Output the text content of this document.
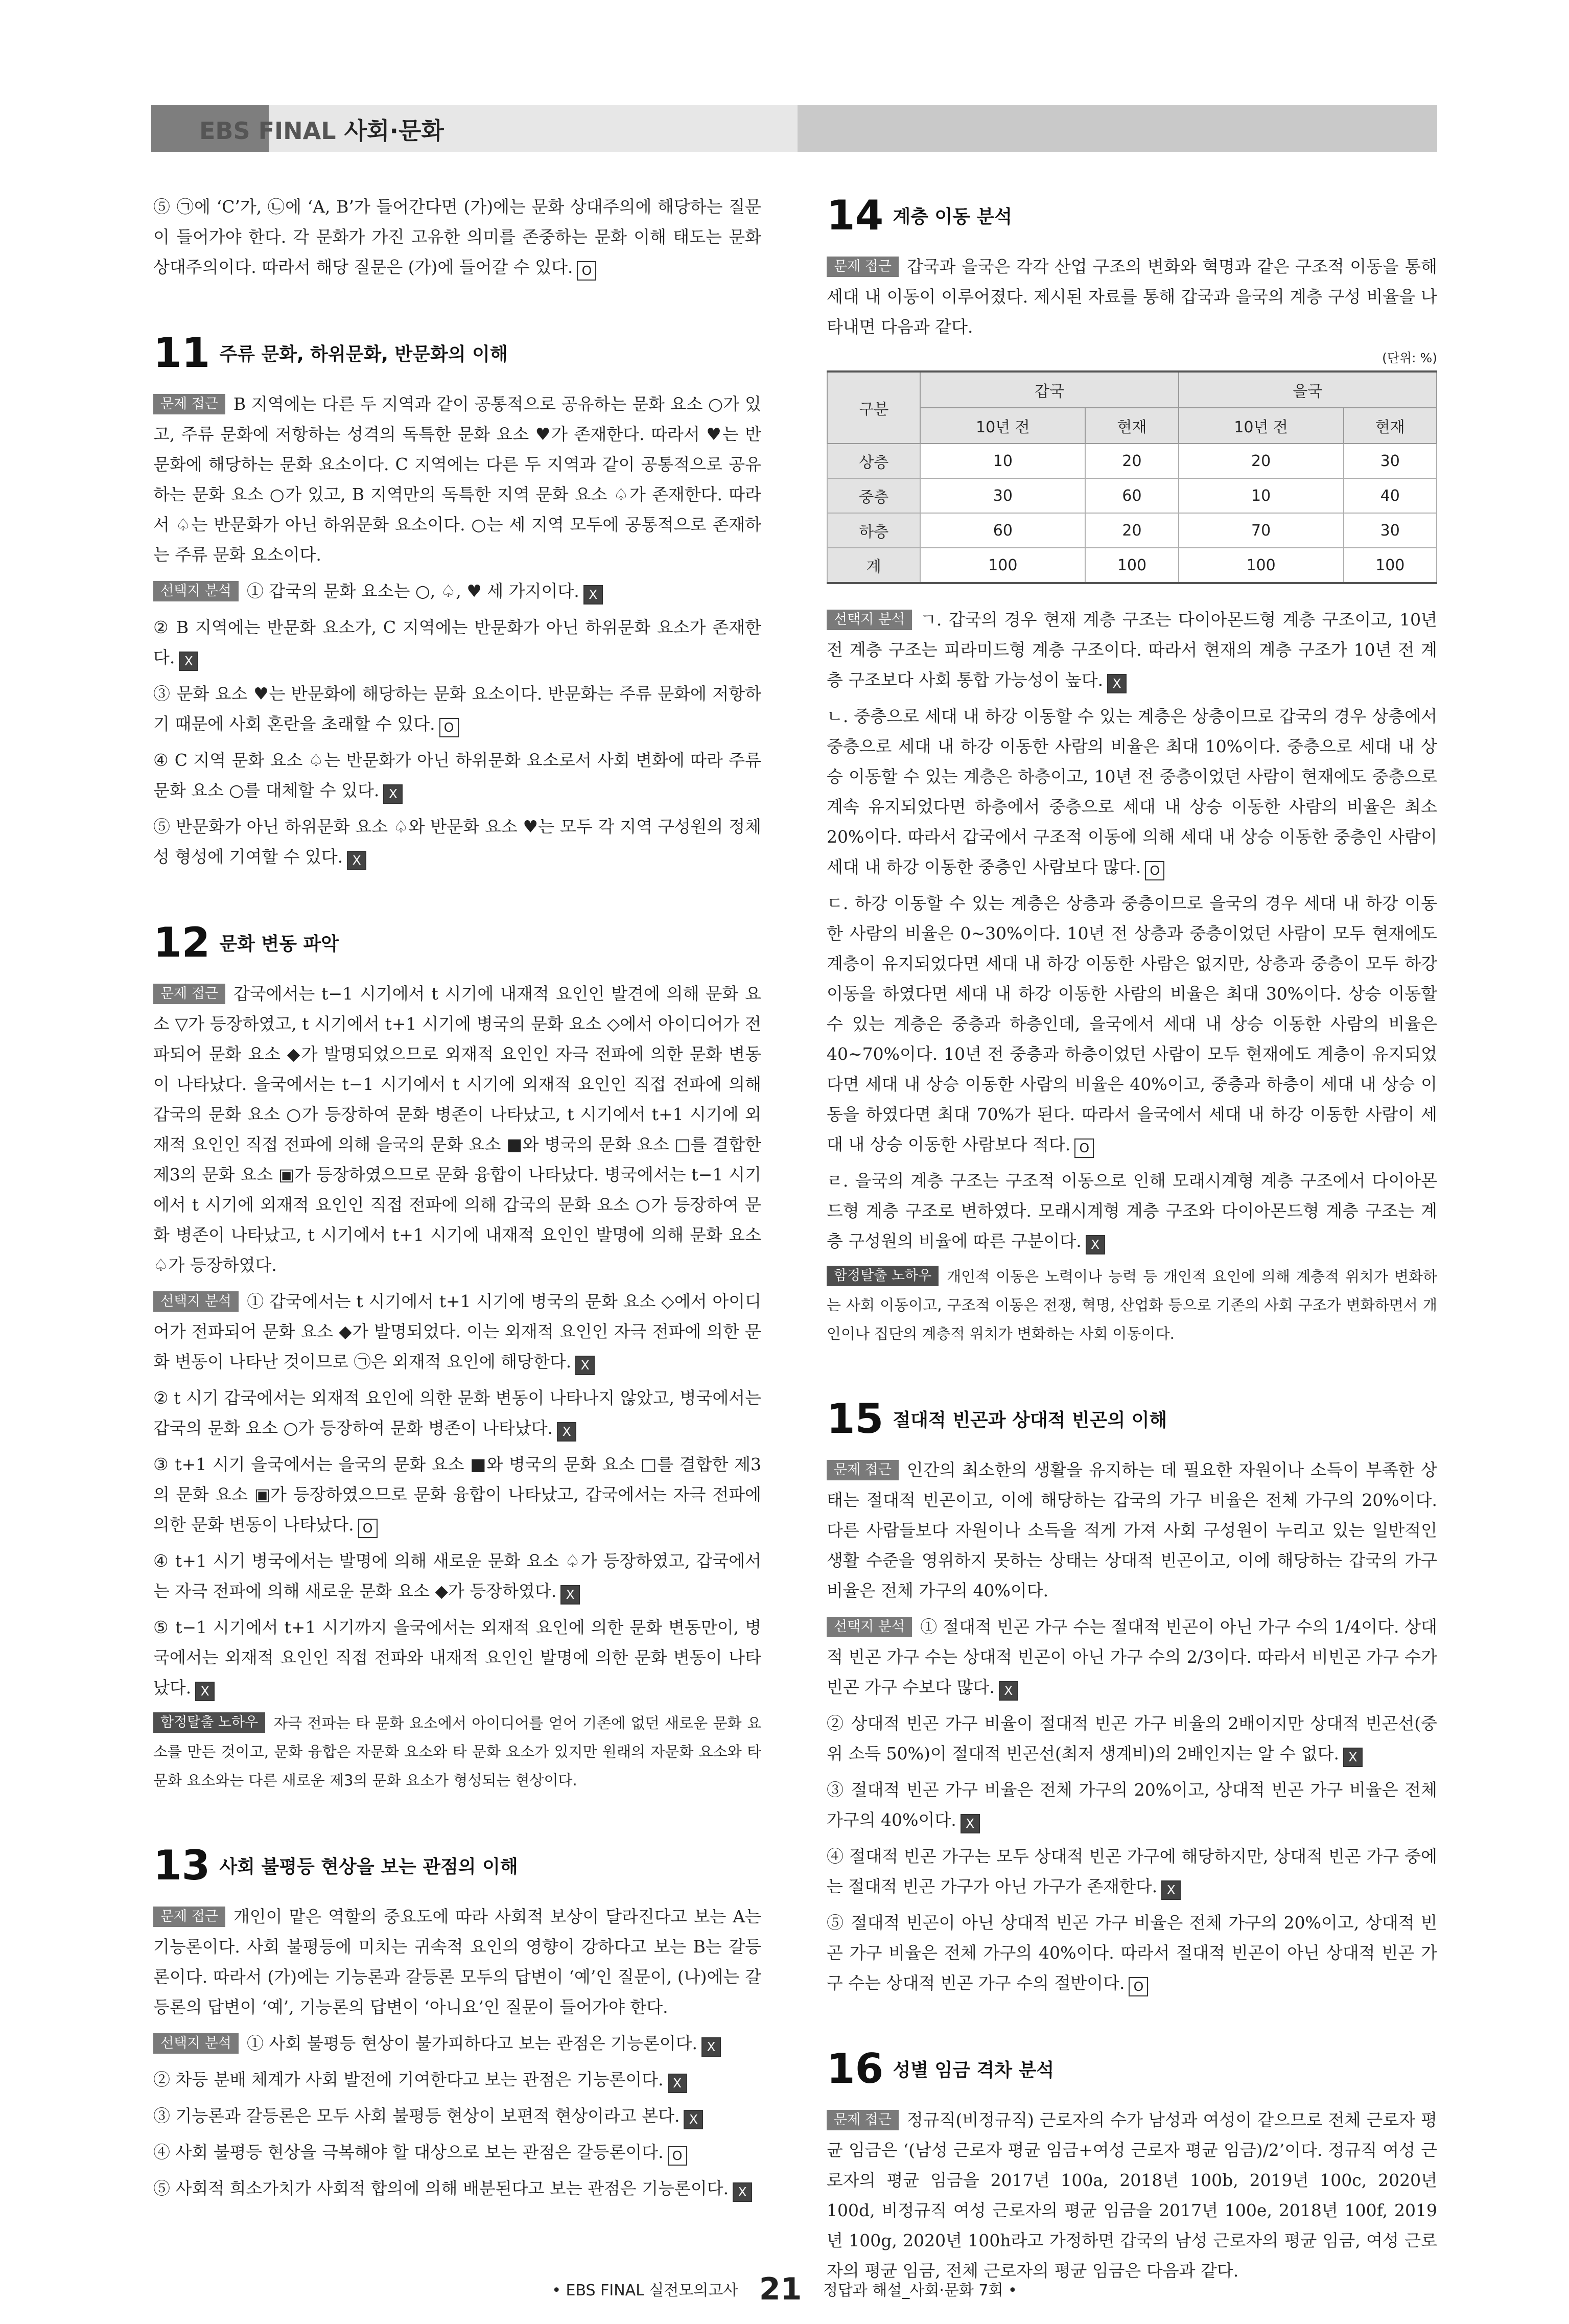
EBS FINAL 사회·문화

⑤ ㉠에 ‘C’가, ㉡에 ‘A, B’가 들어간다면 (가)에는 문화 상대주의에 해당하는 질문이 들어가야 한다. 각 문화가 가진 고유한 의미를 존중하는 문화 이해 태도는 문화 상대주의이다. 따라서 해당 질문은 (가)에 들어갈 수 있다. O

11 주류 문화, 하위문화, 반문화의 이해

문제 접근 B 지역에는 다른 두 지역과 같이 공통적으로 공유하는 문화 요소 ○가 있고, 주류 문화에 저항하는 성격의 독특한 문화 요소 ♥가 존재한다. 따라서 ♥는 반문화에 해당하는 문화 요소이다. C 지역에는 다른 두 지역과 같이 공통적으로 공유하는 문화 요소 ○가 있고, B 지역만의 독특한 지역 문화 요소 ♤가 존재한다. 따라서 ♤는 반문화가 아닌 하위문화 요소이다. ○는 세 지역 모두에 공통적으로 존재하는 주류 문화 요소이다.

선택지 분석 ① 갑국의 문화 요소는 ○, ♤, ♥ 세 가지이다. X

② B 지역에는 반문화 요소가, C 지역에는 반문화가 아닌 하위문화 요소가 존재한다. X

③ 문화 요소 ♥는 반문화에 해당하는 문화 요소이다. 반문화는 주류 문화에 저항하기 때문에 사회 혼란을 초래할 수 있다. O

④ C 지역 문화 요소 ♤는 반문화가 아닌 하위문화 요소로서 사회 변화에 따라 주류 문화 요소 ○를 대체할 수 있다. X

⑤ 반문화가 아닌 하위문화 요소 ♤와 반문화 요소 ♥는 모두 각 지역 구성원의 정체성 형성에 기여할 수 있다. X

12 문화 변동 파악

문제 접근 갑국에서는 t−1 시기에서 t 시기에 내재적 요인인 발견에 의해 문화 요소 ▽가 등장하였고, t 시기에서 t+1 시기에 병국의 문화 요소 ◇에서 아이디어가 전파되어 문화 요소 ◆가 발명되었으므로 외재적 요인인 자극 전파에 의한 문화 변동이 나타났다. 을국에서는 t−1 시기에서 t 시기에 외재적 요인인 직접 전파에 의해 갑국의 문화 요소 ○가 등장하여 문화 병존이 나타났고, t 시기에서 t+1 시기에 외재적 요인인 직접 전파에 의해 을국의 문화 요소 ■와 병국의 문화 요소 □를 결합한 제3의 문화 요소 ▣가 등장하였으므로 문화 융합이 나타났다. 병국에서는 t−1 시기에서 t 시기에 외재적 요인인 직접 전파에 의해 갑국의 문화 요소 ○가 등장하여 문화 병존이 나타났고, t 시기에서 t+1 시기에 내재적 요인인 발명에 의해 문화 요소 ♤가 등장하였다.

선택지 분석 ① 갑국에서는 t 시기에서 t+1 시기에 병국의 문화 요소 ◇에서 아이디어가 전파되어 문화 요소 ◆가 발명되었다. 이는 외재적 요인인 자극 전파에 의한 문화 변동이 나타난 것이므로 ㉠은 외재적 요인에 해당한다. X

② t 시기 갑국에서는 외재적 요인에 의한 문화 변동이 나타나지 않았고, 병국에서는 갑국의 문화 요소 ○가 등장하여 문화 병존이 나타났다. X

③ t+1 시기 을국에서는 을국의 문화 요소 ■와 병국의 문화 요소 □를 결합한 제3의 문화 요소 ▣가 등장하였으므로 문화 융합이 나타났고, 갑국에서는 자극 전파에 의한 문화 변동이 나타났다. O

④ t+1 시기 병국에서는 발명에 의해 새로운 문화 요소 ♤가 등장하였고, 갑국에서는 자극 전파에 의해 새로운 문화 요소 ◆가 등장하였다. X

⑤ t−1 시기에서 t+1 시기까지 을국에서는 외재적 요인에 의한 문화 변동만이, 병국에서는 외재적 요인인 직접 전파와 내재적 요인인 발명에 의한 문화 변동이 나타났다. X

함정탈출 노하우 자극 전파는 타 문화 요소에서 아이디어를 얻어 기존에 없던 새로운 문화 요소를 만든 것이고, 문화 융합은 자문화 요소와 타 문화 요소가 있지만 원래의 자문화 요소와 타 문화 요소와는 다른 새로운 제3의 문화 요소가 형성되는 현상이다.

13 사회 불평등 현상을 보는 관점의 이해

문제 접근 개인이 맡은 역할의 중요도에 따라 사회적 보상이 달라진다고 보는 A는 기능론이다. 사회 불평등에 미치는 귀속적 요인의 영향이 강하다고 보는 B는 갈등론이다. 따라서 (가)에는 기능론과 갈등론 모두의 답변이 ‘예’인 질문이, (나)에는 갈등론의 답변이 ‘예’, 기능론의 답변이 ‘아니요’인 질문이 들어가야 한다.

선택지 분석 ① 사회 불평등 현상이 불가피하다고 보는 관점은 기능론이다. X

② 차등 분배 체계가 사회 발전에 기여한다고 보는 관점은 기능론이다. X

③ 기능론과 갈등론은 모두 사회 불평등 현상이 보편적 현상이라고 본다. X

④ 사회 불평등 현상을 극복해야 할 대상으로 보는 관점은 갈등론이다. O

⑤ 사회적 희소가치가 사회적 합의에 의해 배분된다고 보는 관점은 기능론이다. X

14 계층 이동 분석

문제 접근 갑국과 을국은 각각 산업 구조의 변화와 혁명과 같은 구조적 이동을 통해 세대 내 이동이 이루어졌다. 제시된 자료를 통해 갑국과 을국의 계층 구성 비율을 나타내면 다음과 같다.

(단위: %)
구분	갑국		을국	
	10년 전	현재	10년 전	현재
상층	10	20	20	30
중층	30	60	10	40
하층	60	20	70	30
계	100	100	100	100

선택지 분석 ㄱ. 갑국의 경우 현재 계층 구조는 다이아몬드형 계층 구조이고, 10년 전 계층 구조는 피라미드형 계층 구조이다. 따라서 현재의 계층 구조가 10년 전 계층 구조보다 사회 통합 가능성이 높다. X

ㄴ. 중층으로 세대 내 하강 이동할 수 있는 계층은 상층이므로 갑국의 경우 상층에서 중층으로 세대 내 하강 이동한 사람의 비율은 최대 10%이다. 중층으로 세대 내 상승 이동할 수 있는 계층은 하층이고, 10년 전 중층이었던 사람이 현재에도 중층으로 계속 유지되었다면 하층에서 중층으로 세대 내 상승 이동한 사람의 비율은 최소 20%이다. 따라서 갑국에서 구조적 이동에 의해 세대 내 상승 이동한 중층인 사람이 세대 내 하강 이동한 중층인 사람보다 많다. O

ㄷ. 하강 이동할 수 있는 계층은 상층과 중층이므로 을국의 경우 세대 내 하강 이동한 사람의 비율은 0∼30%이다. 10년 전 상층과 중층이었던 사람이 모두 현재에도 계층이 유지되었다면 세대 내 하강 이동한 사람은 없지만, 상층과 중층이 모두 하강 이동을 하였다면 세대 내 하강 이동한 사람의 비율은 최대 30%이다. 상승 이동할 수 있는 계층은 중층과 하층인데, 을국에서 세대 내 상승 이동한 사람의 비율은 40∼70%이다. 10년 전 중층과 하층이었던 사람이 모두 현재에도 계층이 유지되었다면 세대 내 상승 이동한 사람의 비율은 40%이고, 중층과 하층이 세대 내 상승 이동을 하였다면 최대 70%가 된다. 따라서 을국에서 세대 내 하강 이동한 사람이 세대 내 상승 이동한 사람보다 적다. O

ㄹ. 을국의 계층 구조는 구조적 이동으로 인해 모래시계형 계층 구조에서 다이아몬드형 계층 구조로 변하였다. 모래시계형 계층 구조와 다이아몬드형 계층 구조는 계층 구성원의 비율에 따른 구분이다. X

함정탈출 노하우 개인적 이동은 노력이나 능력 등 개인적 요인에 의해 계층적 위치가 변화하는 사회 이동이고, 구조적 이동은 전쟁, 혁명, 산업화 등으로 기존의 사회 구조가 변화하면서 개인이나 집단의 계층적 위치가 변화하는 사회 이동이다.

15 절대적 빈곤과 상대적 빈곤의 이해

문제 접근 인간의 최소한의 생활을 유지하는 데 필요한 자원이나 소득이 부족한 상태는 절대적 빈곤이고, 이에 해당하는 갑국의 가구 비율은 전체 가구의 20%이다. 다른 사람들보다 자원이나 소득을 적게 가져 사회 구성원이 누리고 있는 일반적인 생활 수준을 영위하지 못하는 상태는 상대적 빈곤이고, 이에 해당하는 갑국의 가구 비율은 전체 가구의 40%이다.

선택지 분석 ① 절대적 빈곤 가구 수는 절대적 빈곤이 아닌 가구 수의 1/4이다. 상대적 빈곤 가구 수는 상대적 빈곤이 아닌 가구 수의 2/3이다. 따라서 비빈곤 가구 수가 빈곤 가구 수보다 많다. X

② 상대적 빈곤 가구 비율이 절대적 빈곤 가구 비율의 2배이지만 상대적 빈곤선(중위 소득 50%)이 절대적 빈곤선(최저 생계비)의 2배인지는 알 수 없다. X

③ 절대적 빈곤 가구 비율은 전체 가구의 20%이고, 상대적 빈곤 가구 비율은 전체 가구의 40%이다. X

④ 절대적 빈곤 가구는 모두 상대적 빈곤 가구에 해당하지만, 상대적 빈곤 가구 중에는 절대적 빈곤 가구가 아닌 가구가 존재한다. X

⑤ 절대적 빈곤이 아닌 상대적 빈곤 가구 비율은 전체 가구의 20%이고, 상대적 빈곤 가구 비율은 전체 가구의 40%이다. 따라서 절대적 빈곤이 아닌 상대적 빈곤 가구 수는 상대적 빈곤 가구 수의 절반이다. O

16 성별 임금 격차 분석

문제 접근 정규직(비정규직) 근로자의 수가 남성과 여성이 같으므로 전체 근로자 평균 임금은 ‘(남성 근로자 평균 임금+여성 근로자 평균 임금)/2’이다. 정규직 여성 근로자의 평균 임금을 2017년 100a, 2018년 100b, 2019년 100c, 2020년 100d, 비정규직 여성 근로자의 평균 임금을 2017년 100e, 2018년 100f, 2019년 100g, 2020년 100h라고 가정하면 갑국의 남성 근로자의 평균 임금, 여성 근로자의 평균 임금, 전체 근로자의 평균 임금은 다음과 같다.

• EBS FINAL 실전모의고사 21 정답과 해설_사회·문화 7회 •
